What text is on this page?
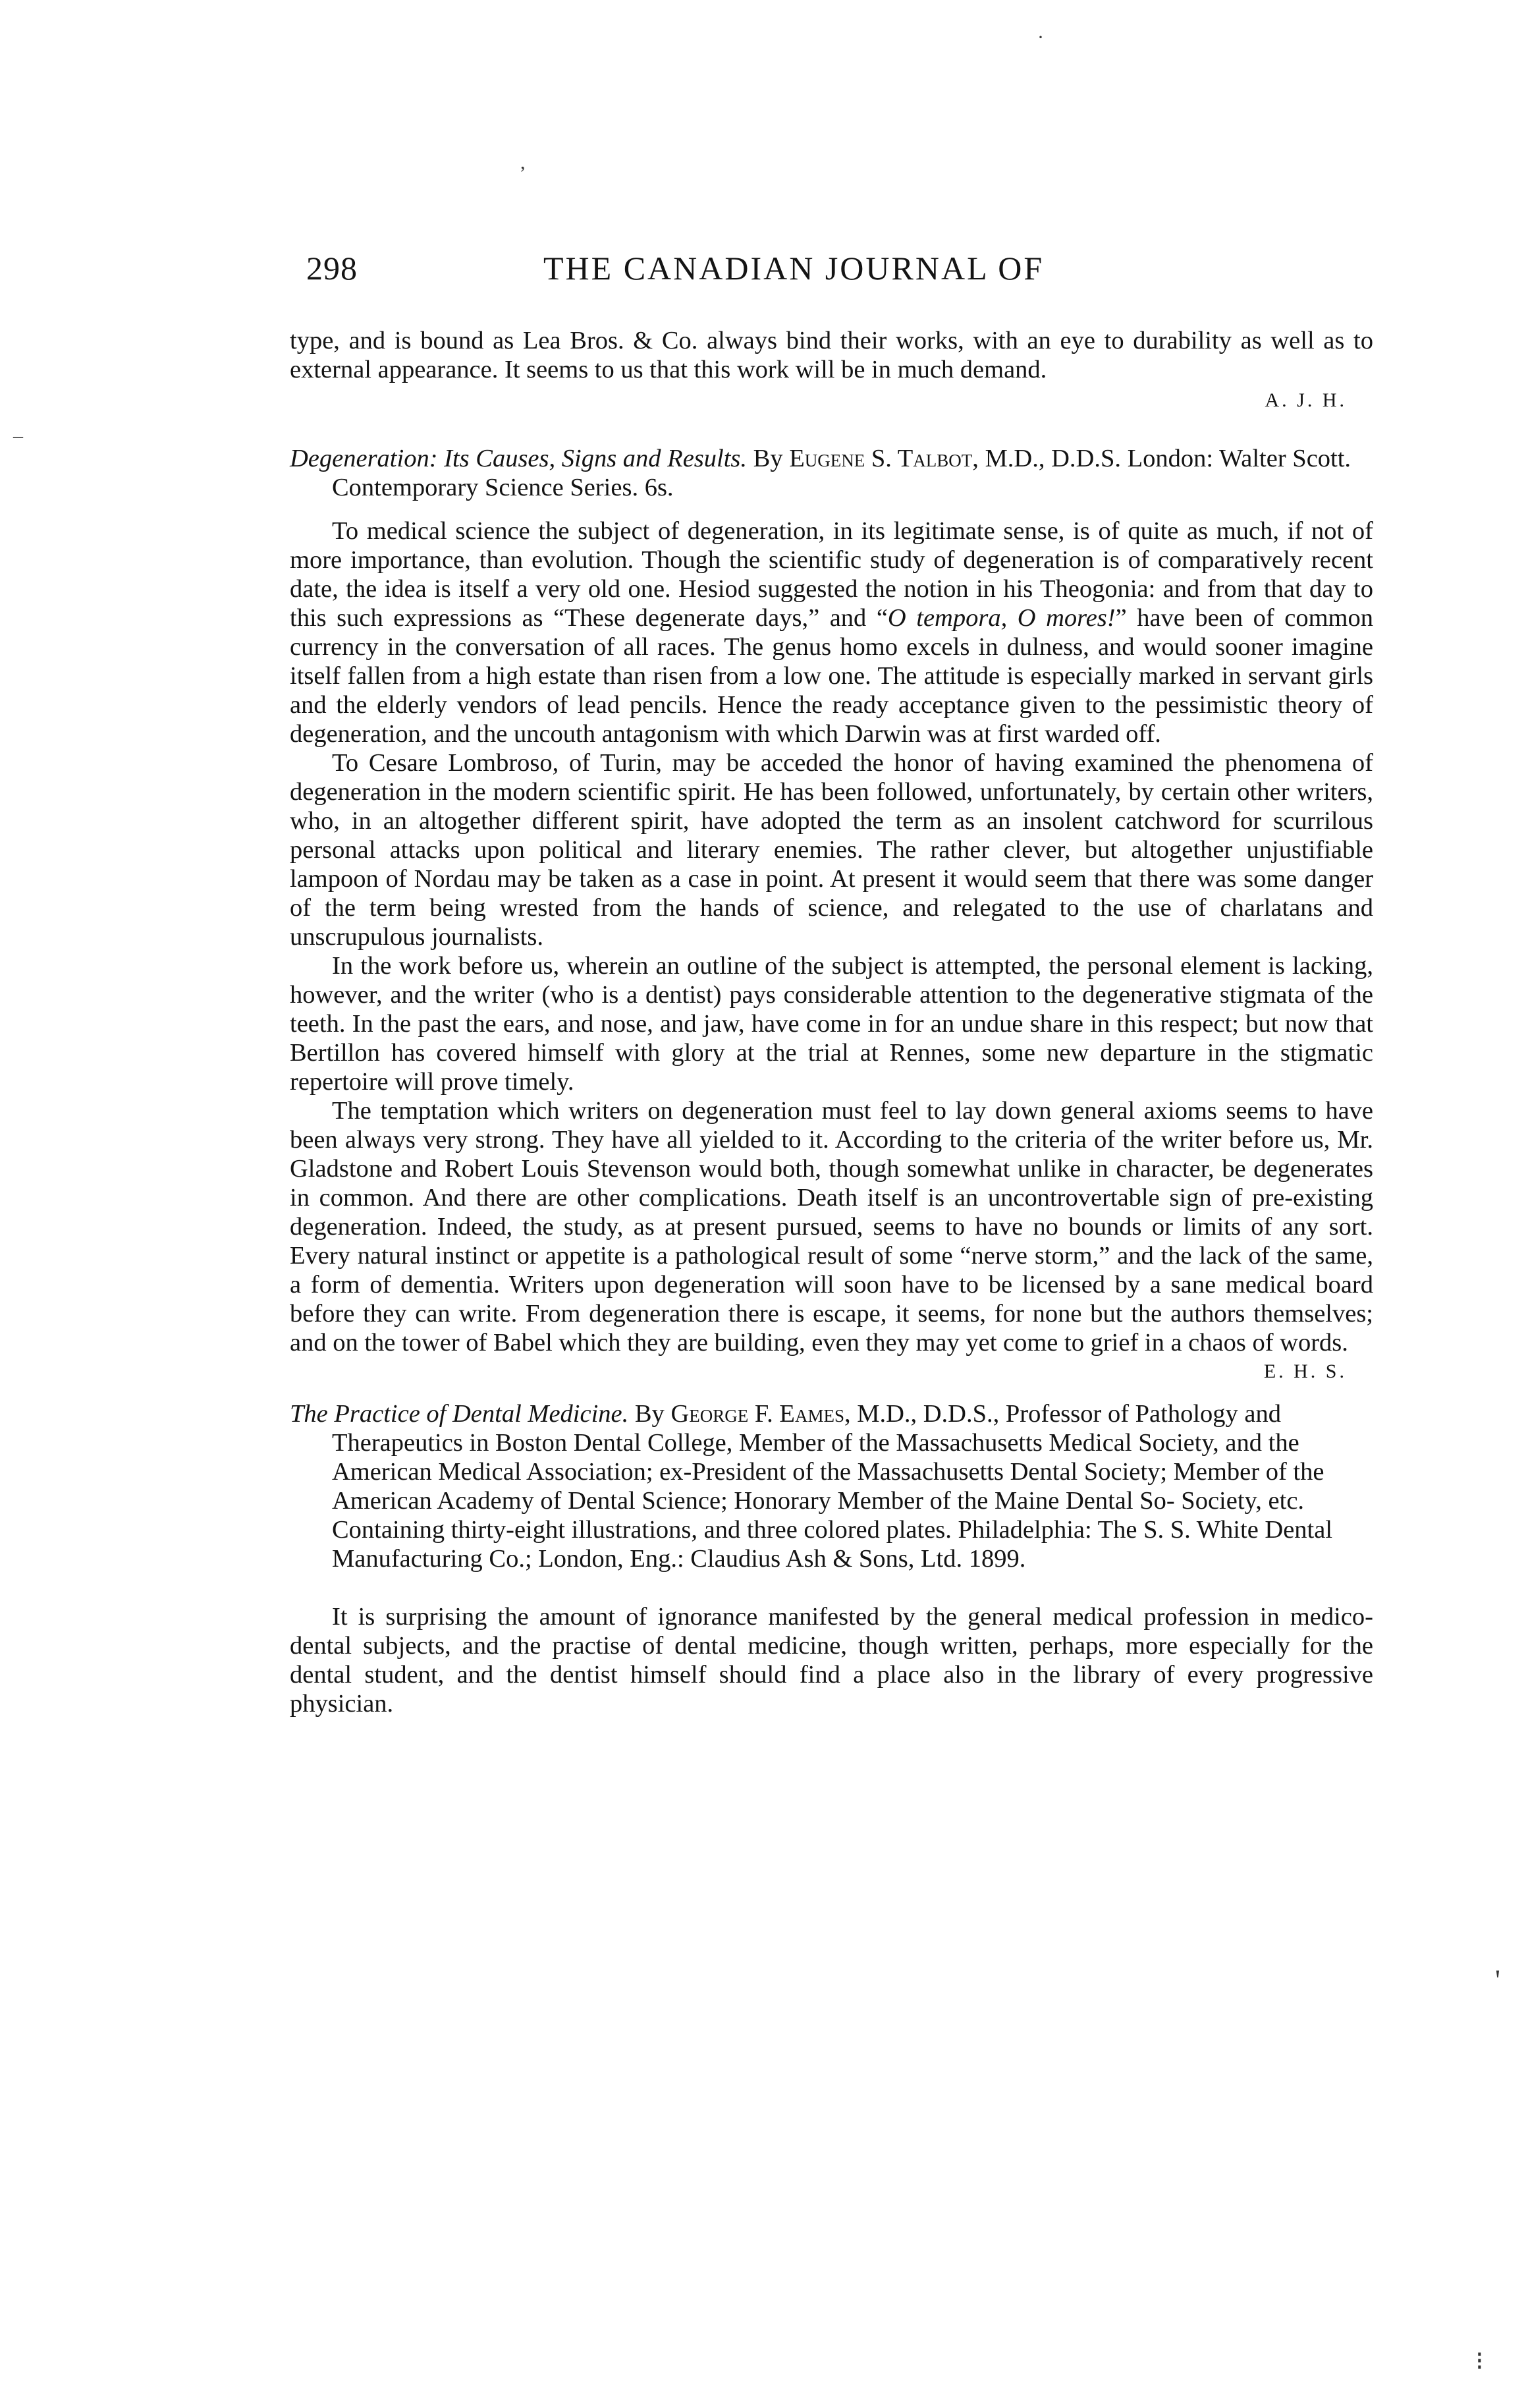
298	THE CANADIAN JOURNAL OF

type, and is bound as Lea Bros. & Co. always bind their works, with an eye to durability as well as to external appearance. It seems to us that this work will be in much demand.

A. J. H.

Degeneration: Its Causes, Signs and Results. By Eugene S. Talbot, M.D., D.D.S. London: Walter Scott. Contemporary Science Series. 6s.

To medical science the subject of degeneration, in its legitimate sense, is of quite as much, if not of more importance, than evolution. Though the scientific study of degeneration is of comparatively recent date, the idea is itself a very old one. Hesiod suggested the notion in his Theogonia: and from that day to this such expressions as “These degenerate days,” and “O tempora, O mores!” have been of common currency in the conversation of all races. The genus homo excels in dulness, and would sooner imagine itself fallen from a high estate than risen from a low one. The attitude is especially marked in servant girls and the elderly vendors of lead pencils. Hence the ready acceptance given to the pessimistic theory of degeneration, and the uncouth antagonism with which Darwin was at first warded off.

To Cesare Lombroso, of Turin, may be acceded the honor of having examined the phenomena of degeneration in the modern scientific spirit. He has been followed, unfortunately, by certain other writers, who, in an altogether different spirit, have adopted the term as an insolent catchword for scurrilous personal attacks upon political and literary enemies. The rather clever, but altogether unjustifiable lampoon of Nordau may be taken as a case in point. At present it would seem that there was some danger of the term being wrested from the hands of science, and relegated to the use of charlatans and unscrupulous journalists.

In the work before us, wherein an outline of the subject is attempted, the personal element is lacking, however, and the writer (who is a dentist) pays considerable attention to the degenerative stigmata of the teeth. In the past the ears, and nose, and jaw, have come in for an undue share in this respect; but now that Bertillon has covered himself with glory at the trial at Rennes, some new departure in the stigmatic repertoire will prove timely.

The temptation which writers on degeneration must feel to lay down general axioms seems to have been always very strong. They have all yielded to it. According to the criteria of the writer before us, Mr. Gladstone and Robert Louis Stevenson would both, though somewhat unlike in character, be degenerates in common. And there are other complications. Death itself is an uncontrovertable sign of pre-existing degeneration. Indeed, the study, as at present pursued, seems to have no bounds or limits of any sort. Every natural instinct or appetite is a pathological result of some “nerve storm,” and the lack of the same, a form of dementia. Writers upon degeneration will soon have to be licensed by a sane medical board before they can write. From degeneration there is escape, it seems, for none but the authors themselves; and on the tower of Babel which they are building, even they may yet come to grief in a chaos of words.
E. H. S.

The Practice of Dental Medicine. By George F. Eames, M.D., D.D.S., Professor of Pathology and Therapeutics in Boston Dental College, Member of the Massachusetts Medical Society, and the American Medical Association; ex-President of the Massachusetts Dental Society; Member of the American Academy of Dental Science; Honorary Member of the Maine Dental So- Society, etc. Containing thirty-eight illustrations, and three colored plates. Philadelphia: The S. S. White Dental Manufacturing Co.; London, Eng.: Claudius Ash & Sons, Ltd. 1899.

It is surprising the amount of ignorance manifested by the general medical profession in medico-dental subjects, and the practise of dental medicine, though written, perhaps, more especially for the dental student, and the dentist himself should find a place also in the library of every progressive physician.

·
,
–
'
⁝
